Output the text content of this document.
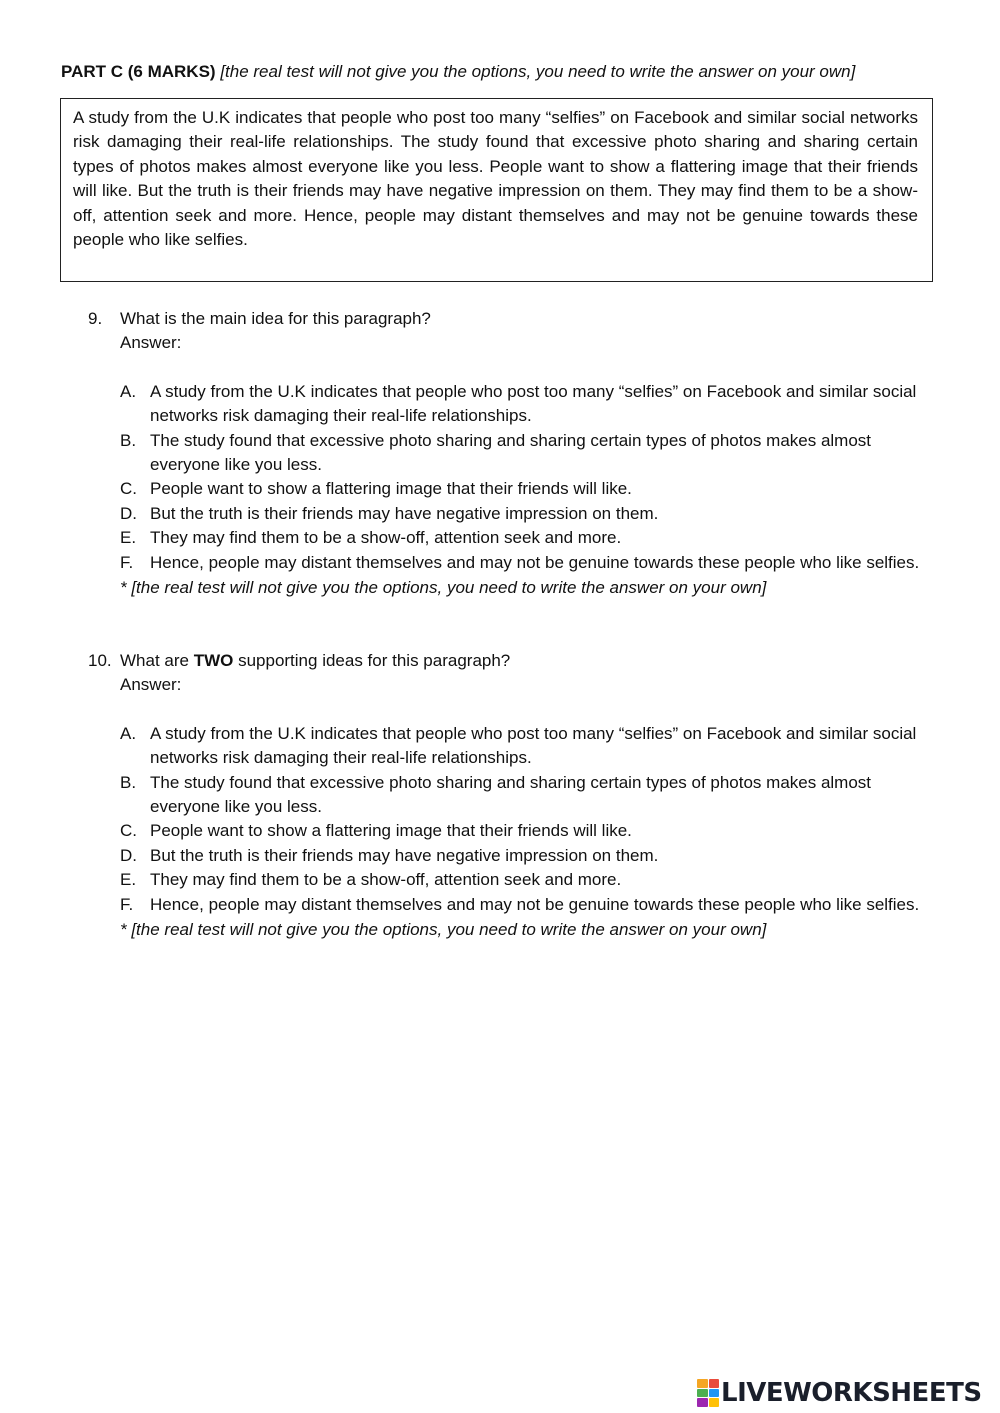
PART C (6 MARKS) [the real test will not give you the options, you need to write the answer on your own]
A study from the U.K indicates that people who post too many “selfies” on Facebook and similar social networks risk damaging their real-life relationships. The study found that excessive photo sharing and sharing certain types of photos makes almost everyone like you less. People want to show a flattering image that their friends will like. But the truth is their friends may have negative impression on them. They may find them to be a show-off, attention seek and more. Hence, people may distant themselves and may not be genuine towards these people who like selfies.
9.	What is the main idea for this paragraph?
Answer:
A. A study from the U.K indicates that people who post too many “selfies” on Facebook and similar social networks risk damaging their real-life relationships.
B. The study found that excessive photo sharing and sharing certain types of photos makes almost everyone like you less.
C. People want to show a flattering image that their friends will like.
D. But the truth is their friends may have negative impression on them.
E. They may find them to be a show-off, attention seek and more.
F. Hence, people may distant themselves and may not be genuine towards these people who like selfies.
* [the real test will not give you the options, you need to write the answer on your own]
10. What are TWO supporting ideas for this paragraph?
Answer:
A. A study from the U.K indicates that people who post too many “selfies” on Facebook and similar social networks risk damaging their real-life relationships.
B. The study found that excessive photo sharing and sharing certain types of photos makes almost everyone like you less.
C. People want to show a flattering image that their friends will like.
D. But the truth is their friends may have negative impression on them.
E. They may find them to be a show-off, attention seek and more.
F. Hence, people may distant themselves and may not be genuine towards these people who like selfies.
* [the real test will not give you the options, you need to write the answer on your own]
LIVEWORKSHEETS
